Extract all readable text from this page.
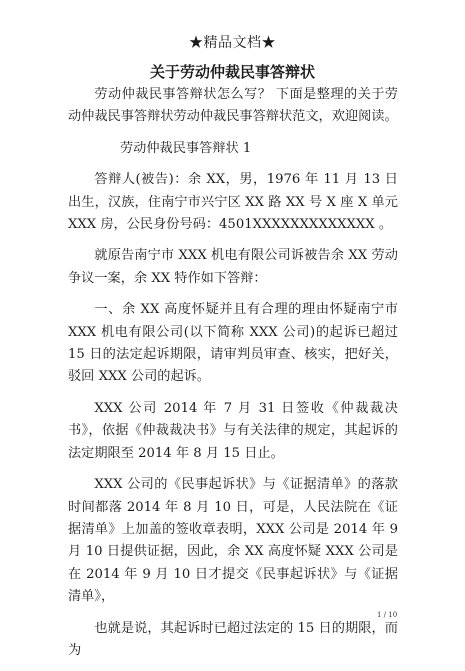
★精品文档★
关于劳动仲裁民事答辩状

劳动仲裁民事答辩状怎么写？ 下面是整理的关于劳动仲裁民事答辩状劳动仲裁民事答辩状范文，欢迎阅读。

劳动仲裁民事答辩状 1

答辩人(被告)：余 XX，男，1976 年 11 月 13 日出生，汉族，住南宁市兴宁区 XX 路 XX 号 X 座 X 单元 XXX 房，公民身份号码：4501XXXXXXXXXXXXX 。

就原告南宁市 XXX 机电有限公司诉被告余 XX 劳动争议一案，余 XX 特作如下答辩：

一、余 XX 高度怀疑并且有合理的理由怀疑南宁市 XXX 机电有限公司(以下简称 XXX 公司)的起诉已超过 15 日的法定起诉期限，请审判员审查、核实，把好关，驳回 XXX 公司的起诉。

XXX 公司 2014 年 7 月 31 日签收《仲裁裁决书》，依据《仲裁裁决书》与有关法律的规定，其起诉的法定期限至 2014 年 8 月 15 日止。

XXX 公司的《民事起诉状》与《证据清单》的落款时间都落 2014 年 8 月 10 日，可是，人民法院在《证据清单》上加盖的签收章表明，XXX 公司是 2014 年 9 月 10 日提供证据，因此，余 XX 高度怀疑 XXX 公司是在 2014 年 9 月 10 日才提交《民事起诉状》与《证据清单》，

也就是说，其起诉时已超过法定的 15 日的期限，而为

1 / 10
